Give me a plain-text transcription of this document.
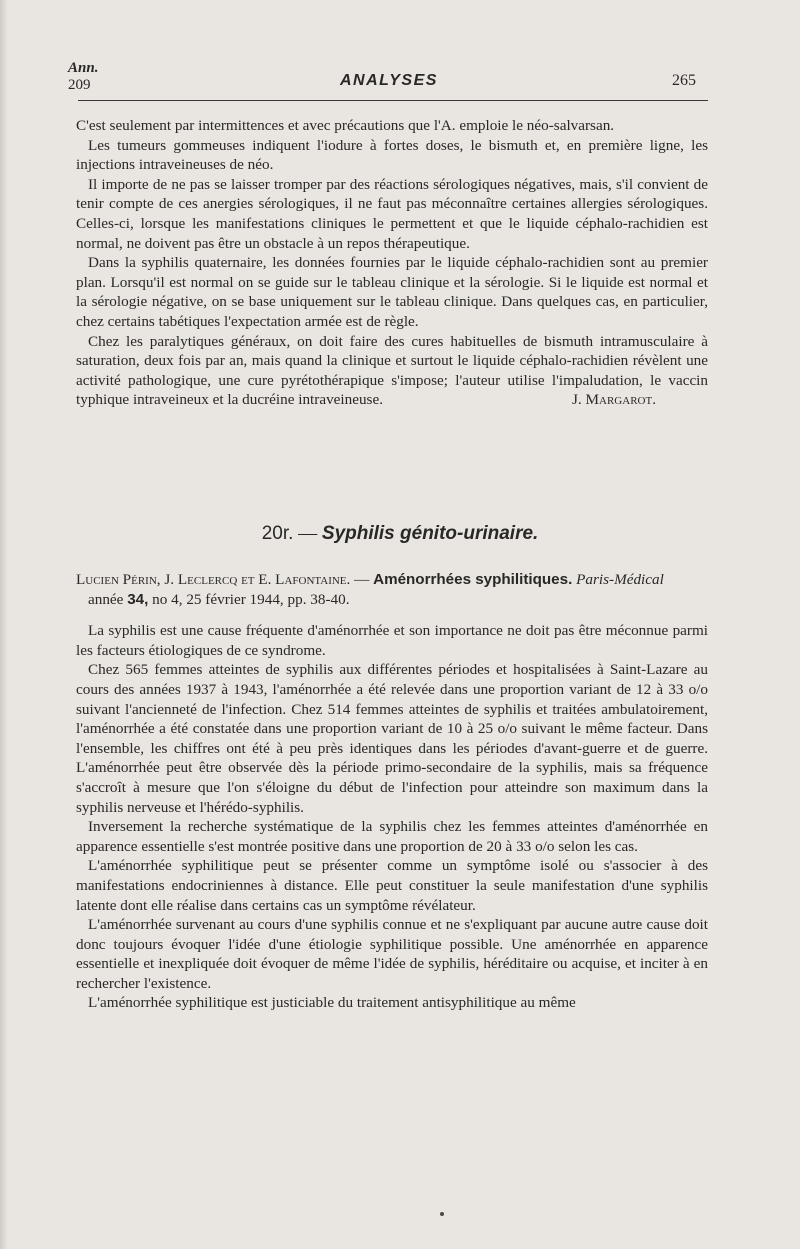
Ann.
209	ANALYSES	265

C'est seulement par intermittences et avec précautions que l'A. emploie le néo-salvarsan.

Les tumeurs gommeuses indiquent l'iodure à fortes doses, le bismuth et, en première ligne, les injections intraveineuses de néo.

Il importe de ne pas se laisser tromper par des réactions sérologiques négatives, mais, s'il convient de tenir compte de ces anergies sérologiques, il ne faut pas méconnaître certaines allergies sérologiques. Celles-ci, lorsque les manifestations cliniques le permettent et que le liquide céphalo-rachidien est normal, ne doivent pas être un obstacle à un repos thérapeutique.

Dans la syphilis quaternaire, les données fournies par le liquide céphalo-rachidien sont au premier plan. Lorsqu'il est normal on se guide sur le tableau clinique et la sérologie. Si le liquide est normal et la sérologie négative, on se base uniquement sur le tableau clinique. Dans quelques cas, en particulier, chez certains tabétiques l'expectation armée est de règle.

Chez les paralytiques généraux, on doit faire des cures habituelles de bismuth intramusculaire à saturation, deux fois par an, mais quand la clinique et surtout le liquide céphalo-rachidien révèlent une activité pathologique, une cure pyrétothérapique s'impose; l'auteur utilise l'impaludation, le vaccin typhique intraveineux et la ducréine intraveineuse.	J. Margarot.
20r. — Syphilis génito-urinaire.
Lucien Périn, J. Leclercq et E. Lafontaine. — Aménorrhées syphilitiques. Paris-Médical
année 34, no 4, 25 février 1944, pp. 38-40.

La syphilis est une cause fréquente d'aménorrhée et son importance ne doit pas être méconnue parmi les facteurs étiologiques de ce syndrome.

Chez 565 femmes atteintes de syphilis aux différentes périodes et hospitalisées à Saint-Lazare au cours des années 1937 à 1943, l'aménorrhée a été relevée dans une proportion variant de 12 à 33 o/o suivant l'ancienneté de l'infection. Chez 514 femmes atteintes de syphilis et traitées ambulatoirement, l'aménorrhée a été constatée dans une proportion variant de 10 à 25 o/o suivant le même facteur. Dans l'ensemble, les chiffres ont été à peu près identiques dans les périodes d'avant-guerre et de guerre. L'aménorrhée peut être observée dès la période primo-secondaire de la syphilis, mais sa fréquence s'accroît à mesure que l'on s'éloigne du début de l'infection pour atteindre son maximum dans la syphilis nerveuse et l'hérédo-syphilis.

Inversement la recherche systématique de la syphilis chez les femmes atteintes d'aménorrhée en apparence essentielle s'est montrée positive dans une proportion de 20 à 33 o/o selon les cas.

L'aménorrhée syphilitique peut se présenter comme un symptôme isolé ou s'associer à des manifestations endocriniennes à distance. Elle peut constituer la seule manifestation d'une syphilis latente dont elle réalise dans certains cas un symptôme révélateur.

L'aménorrhée survenant au cours d'une syphilis connue et ne s'expliquant par aucune autre cause doit donc toujours évoquer l'idée d'une étiologie syphilitique possible. Une aménorrhée en apparence essentielle et inexpliquée doit évoquer de même l'idée de syphilis, héréditaire ou acquise, et inciter à en rechercher l'existence.

L'aménorrhée syphilitique est justiciable du traitement antisyphilitique au même
